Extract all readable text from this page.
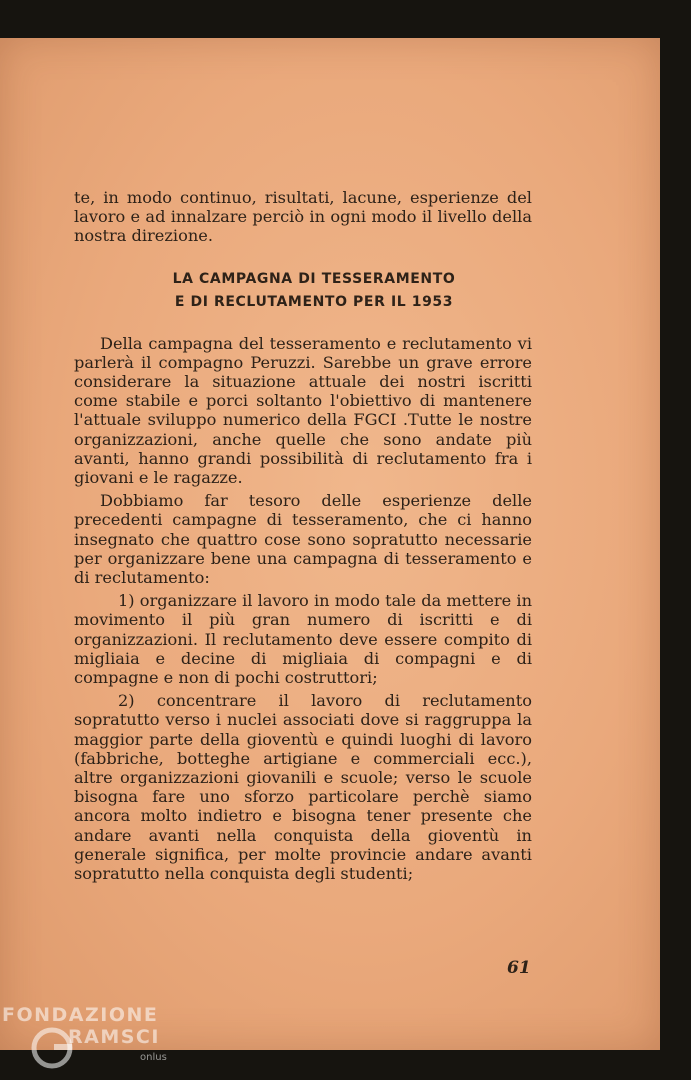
te, in modo continuo, risultati, lacune, esperienze del lavoro e ad innalzare perciò in ogni modo il livello della nostra direzione.

LA CAMPAGNA DI TESSERAMENTO
E DI RECLUTAMENTO PER IL 1953

Della campagna del tesseramento e reclutamento vi parlerà il compagno Peruzzi. Sarebbe un grave errore considerare la situazione attuale dei nostri iscritti come stabile e porci soltanto l'obiettivo di mantenere l'attuale sviluppo numerico della FGCI .Tutte le nostre organizzazioni, anche quelle che sono andate più avanti, hanno grandi possibilità di reclutamento fra i giovani e le ragazze.

Dobbiamo far tesoro delle esperienze delle precedenti campagne di tesseramento, che ci hanno insegnato che quattro cose sono sopratutto necessarie per organizzare bene una campagna di tesseramento e di reclutamento:

1) organizzare il lavoro in modo tale da mettere in movimento il più gran numero di iscritti e di organizzazioni. Il reclutamento deve essere compito di migliaia e decine di migliaia di compagni e di compagne e non di pochi costruttori;

2) concentrare il lavoro di reclutamento sopratutto verso i nuclei associati dove si raggruppa la maggior parte della gioventù e quindi luoghi di lavoro (fabbriche, botteghe artigiane e commerciali ecc.), altre organizzazioni giovanili e scuole; verso le scuole bisogna fare uno sforzo particolare perchè siamo ancora molto indietro e bisogna tener presente che andare avanti nella conquista della gioventù in generale significa, per molte provincie andare avanti sopratutto nella conquista degli studenti;

61
FONDAZIONE
RAMSCI
onlus
